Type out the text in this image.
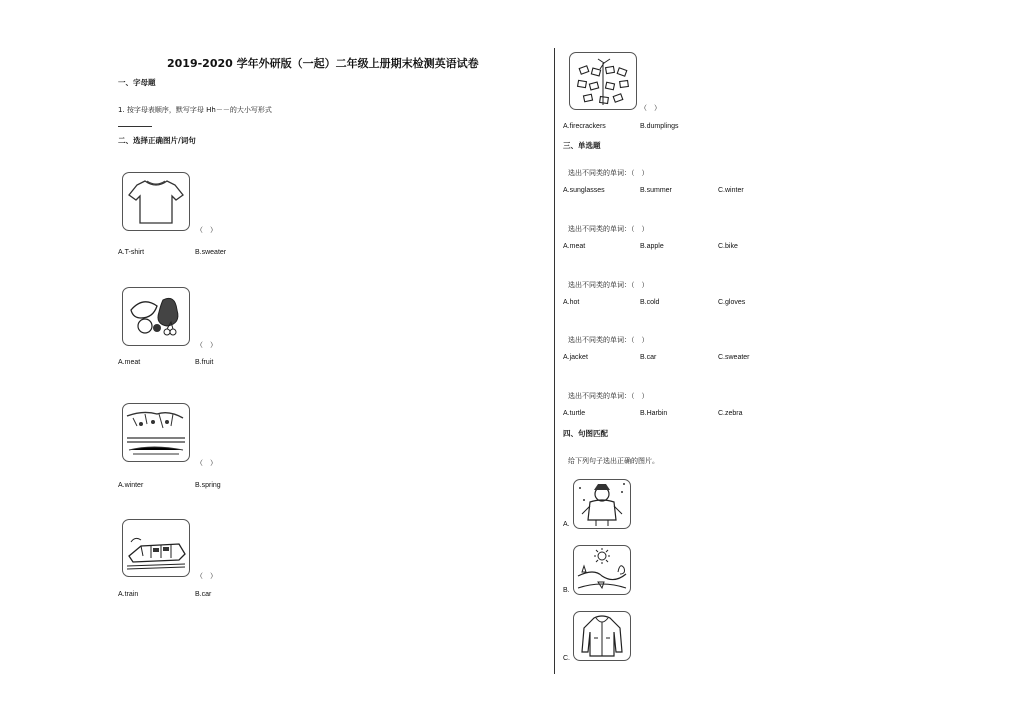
2019-2020 学年外研版（一起）二年级上册期末检测英语试卷
一、字母题
1. 按字母表顺序，默写字母 Hh－－的大小写形式
二、选择正确图片/词句
（　）
A.T-shirt	B.sweater
（　）
A.meat	B.fruit
（　）
A.winter	B.spring
（　）
A.train	B.car
（　）
A.firecrackers	B.dumplings
三、单选题
选出不同类的单词：（　）
A.sunglasses	B.summer	C.winter
选出不同类的单词：（　）
A.meat	B.apple	C.bike
选出不同类的单词：（　）
A.hot	B.cold	C.gloves
选出不同类的单词：（　）
A.jacket	B.car	C.sweater
选出不同类的单词：（　）
A.turtle	B.Harbin	C.zebra
四、句图匹配
给下列句子选出正确的图片。
A.
B.
C.
